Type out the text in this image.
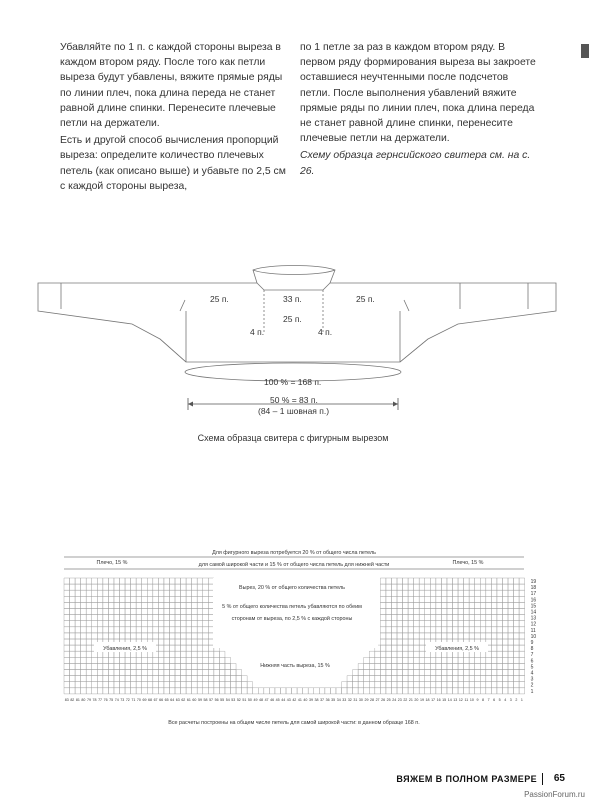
Убавляйте по 1 п. с каждой стороны выреза в каждом втором ряду. После того как петли выреза будут убавлены, вяжите прямые ряды по линии плеч, пока длина переда не станет равной длине спинки. Перенесите плечевые петли на держатели.

Есть и другой способ вычисления пропорций выреза: определите количество плечевых петель (как описано выше) и убавьте по 2,5 см с каждой стороны выреза,

по 1 петле за раз в каждом втором ряду. В первом ряду формирования выреза вы закроете оставшиеся неучтенными после подсчетов петли. После выполнения убавлений вяжите прямые ряды по линии плеч, пока длина переда не станет равной длине спинки, перенесите плечевые петли на держатели.

Схему образца гернсийского свитера см. на с. 26.

25 п.	33 п.	25 п.
25 п.
4 п.	4 п.
100 % = 168 п.
50 % = 83 п.
(84 – 1 шовная п.)
Схема образца свитера с фигурным вырезом
19
18
17
16
15
14
13
12
11
10
9
8
7
6
5
4
3
2
1
83 82 81 80 79 78 77 76 75 74 73 72 71 70 69 68 67 66 65 64 63 62 61 60 59 58 57 56 55 54 53 52 51 50 49 48 47 46 45 44 43 42 41 40 39 38 37 36 35 34 33 32 31 30 29 28 27 26 25 24 23 22 21 20 19 18 17 16 15 14 13 12 11 10 9 8 7 6 5 4 3 2 1
Для фигурного выреза потребуется 20 % от общего числа петель
для самой широкой части и 15 % от общего числа петель для нижней части
Плечо, 15 %	Плечо, 15 %
Вырез, 20 % от общего количества петель
5 % от общего количества петель убавляются по обеим
сторонам от выреза, по 2,5 % с каждой стороны
Убавления, 2,5 %	Убавления, 2,5 %
Нижняя часть выреза, 15 %
Все расчеты построены на общем числе петель для самой широкой части: в данном образце 168 п.
ВЯЖЕМ В ПОЛНОМ РАЗМЕРЕ 65
PassionForum.ru
